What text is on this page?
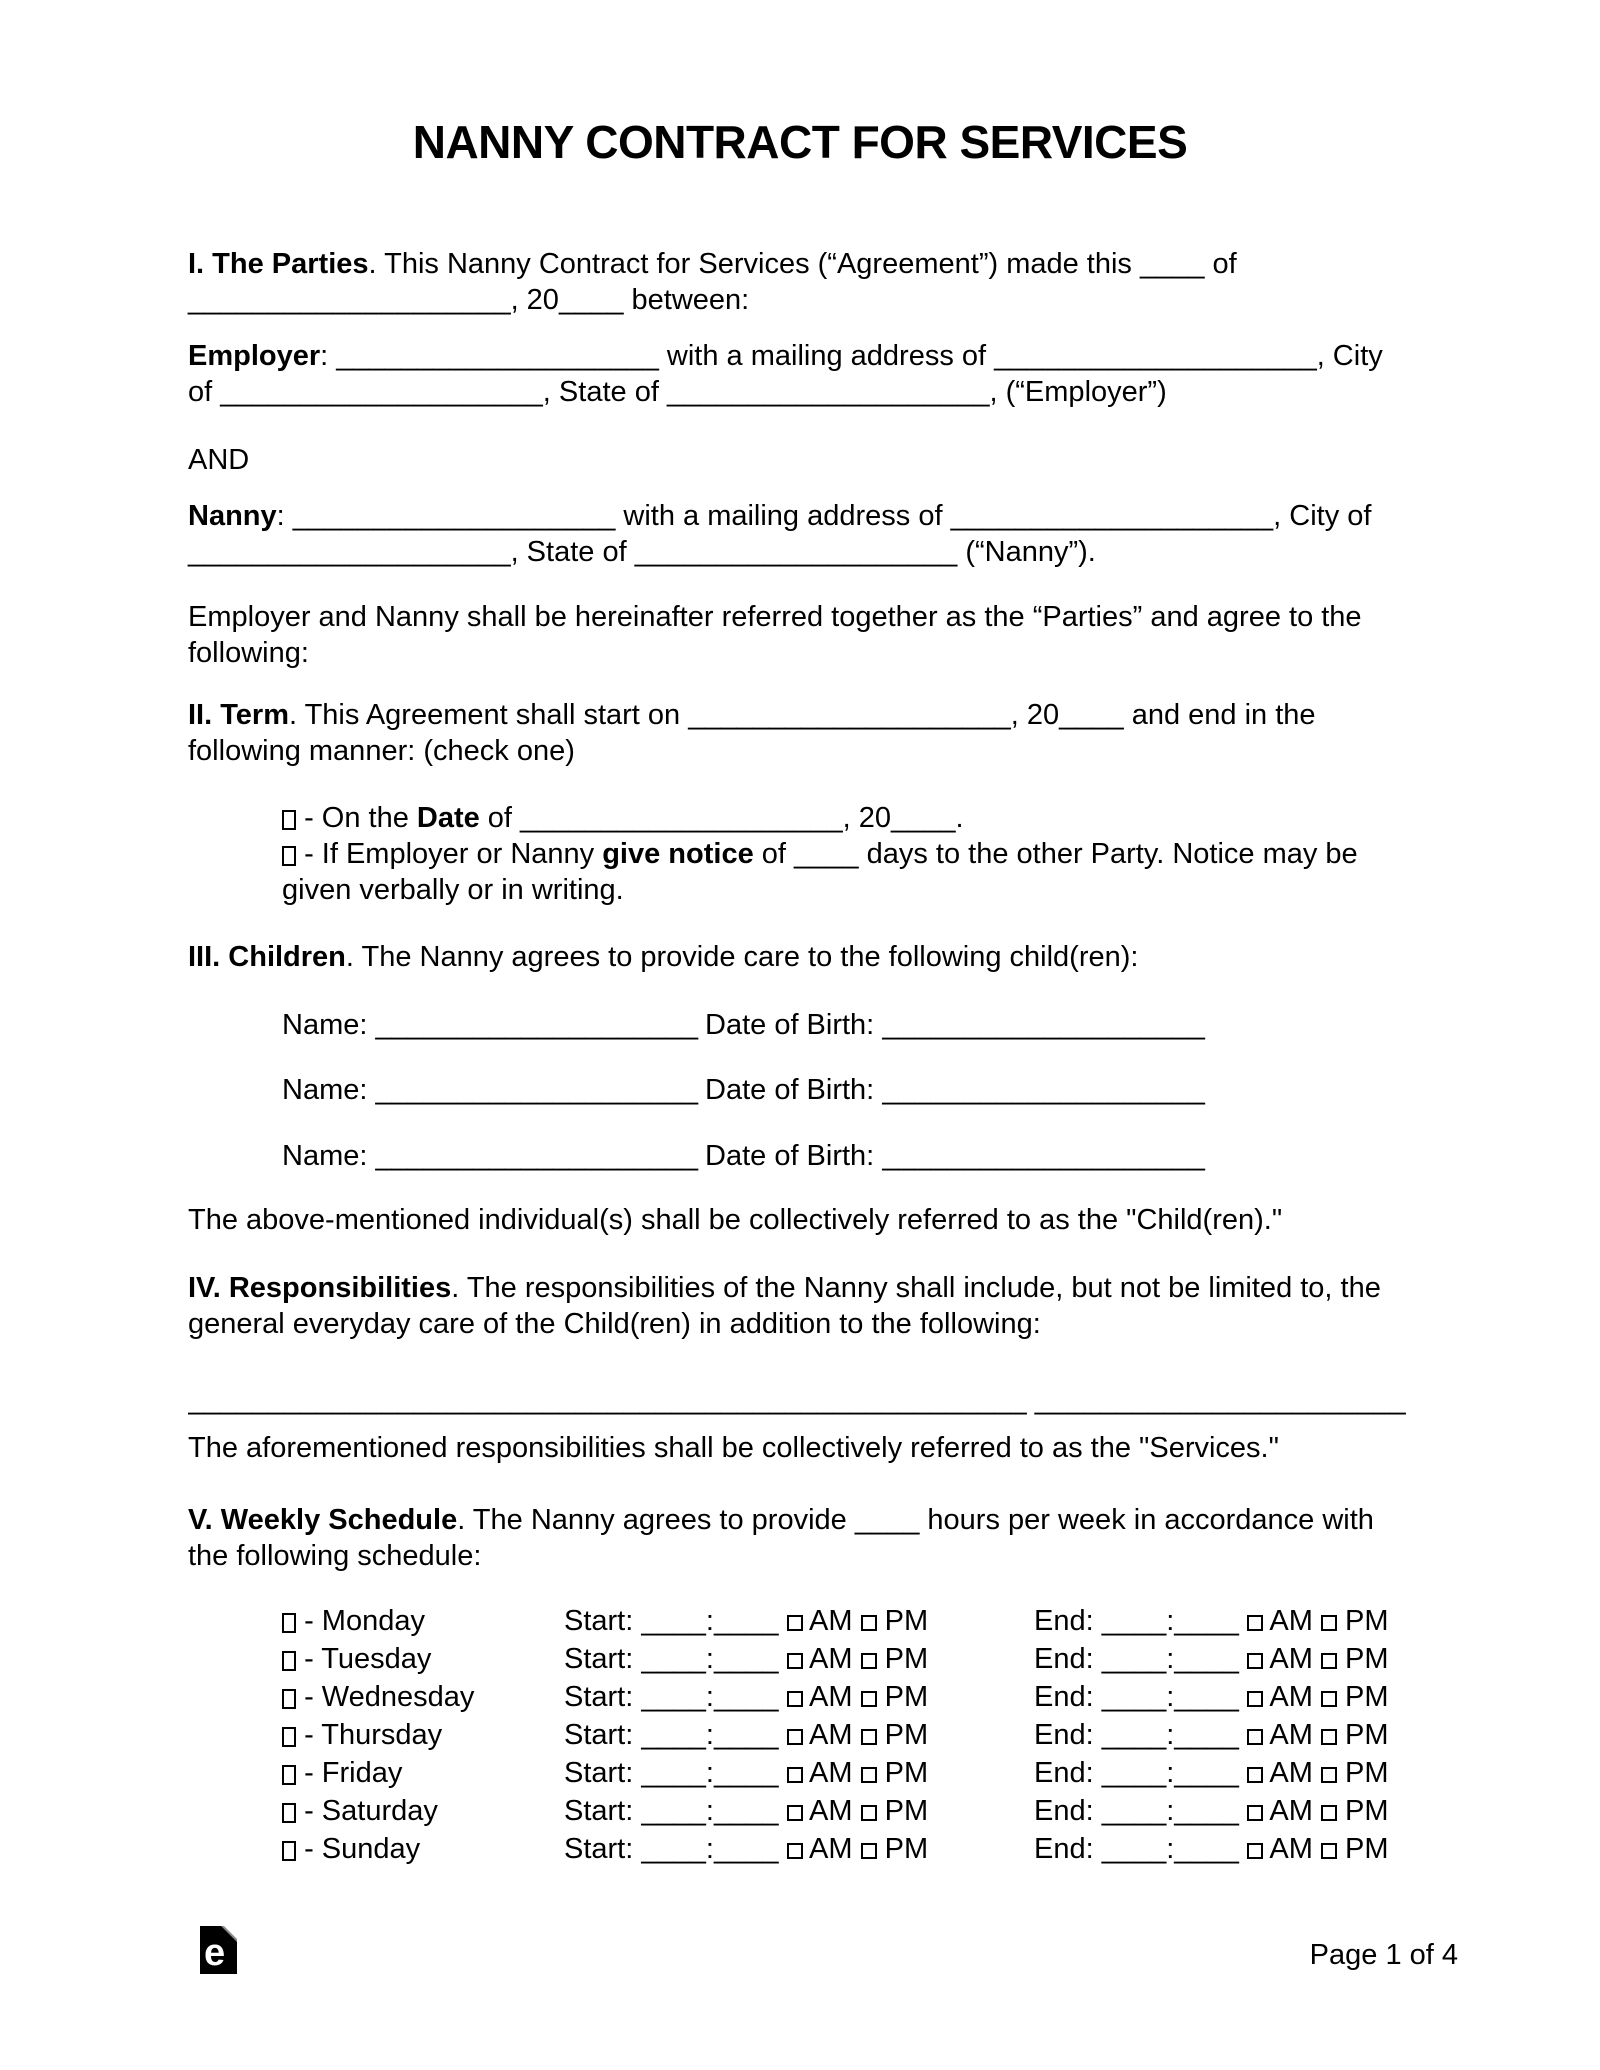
NANNY CONTRACT FOR SERVICES

I. The Parties. This Nanny Contract for Services (“Agreement”) made this ____ of ____________________, 20____ between:

Employer: ____________________ with a mailing address of ____________________, City of ____________________, State of ____________________, (“Employer”)

AND

Nanny: ____________________ with a mailing address of ____________________, City of ____________________, State of ____________________ (“Nanny”).

Employer and Nanny shall be hereinafter referred together as the “Parties” and agree to the following:

II. Term. This Agreement shall start on ____________________, 20____ and end in the following manner: (check one)

- On the Date of ____________________, 20____.
- If Employer or Nanny give notice of ____ days to the other Party. Notice may be given verbally or in writing.

III. Children. The Nanny agrees to provide care to the following child(ren):

Name: ____________________ Date of Birth: ____________________
Name: ____________________ Date of Birth: ____________________
Name: ____________________ Date of Birth: ____________________

The above-mentioned individual(s) shall be collectively referred to as the "Child(ren)."

IV. Responsibilities. The responsibilities of the Nanny shall include, but not be limited to, the general everyday care of the Child(ren) in addition to the following:

____________________________________________________ _______________________

The aforementioned responsibilities shall be collectively referred to as the "Services."

V. Weekly Schedule. The Nanny agrees to provide ____ hours per week in accordance with the following schedule:

- Monday	Start: ____:____ AM PM	End: ____:____ AM PM
- Tuesday	Start: ____:____ AM PM	End: ____:____ AM PM
- Wednesday	Start: ____:____ AM PM	End: ____:____ AM PM
- Thursday	Start: ____:____ AM PM	End: ____:____ AM PM
- Friday	Start: ____:____ AM PM	End: ____:____ AM PM
- Saturday	Start: ____:____ AM PM	End: ____:____ AM PM
- Sunday	Start: ____:____ AM PM	End: ____:____ AM PM
e	Page 1 of 4
